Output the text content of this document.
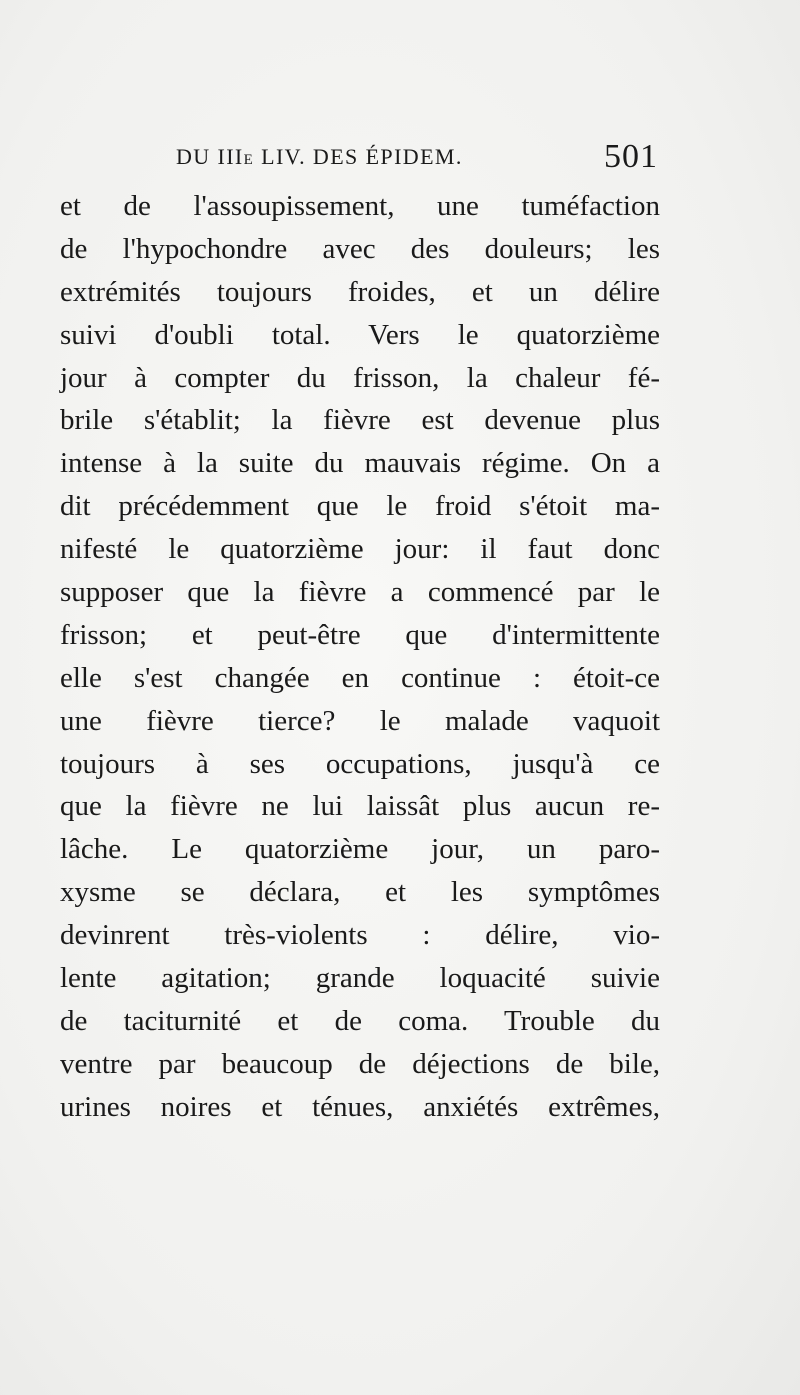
DU IIIe LIV. DES ÉPIDEM.	501
et de l'assoupissement, une tuméfaction
de l'hypochondre avec des douleurs; les
extrémités toujours froides, et un délire
suivi d'oubli total. Vers le quatorzième
jour à compter du frisson, la chaleur fé-
brile s'établit; la fièvre est devenue plus
intense à la suite du mauvais régime. On a
dit précédemment que le froid s'étoit ma-
nifesté le quatorzième jour: il faut donc
supposer que la fièvre a commencé par le
frisson; et peut-être que d'intermittente
elle s'est changée en continue : étoit-ce
une fièvre tierce? le malade vaquoit
toujours à ses occupations, jusqu'à ce
que la fièvre ne lui laissât plus aucun re-
lâche. Le quatorzième jour, un paro-
xysme se déclara, et les symptômes
devinrent très-violents : délire, vio-
lente agitation; grande loquacité suivie
de taciturnité et de coma. Trouble du
ventre par beaucoup de déjections de bile,
urines noires et ténues, anxiétés extrêmes,
